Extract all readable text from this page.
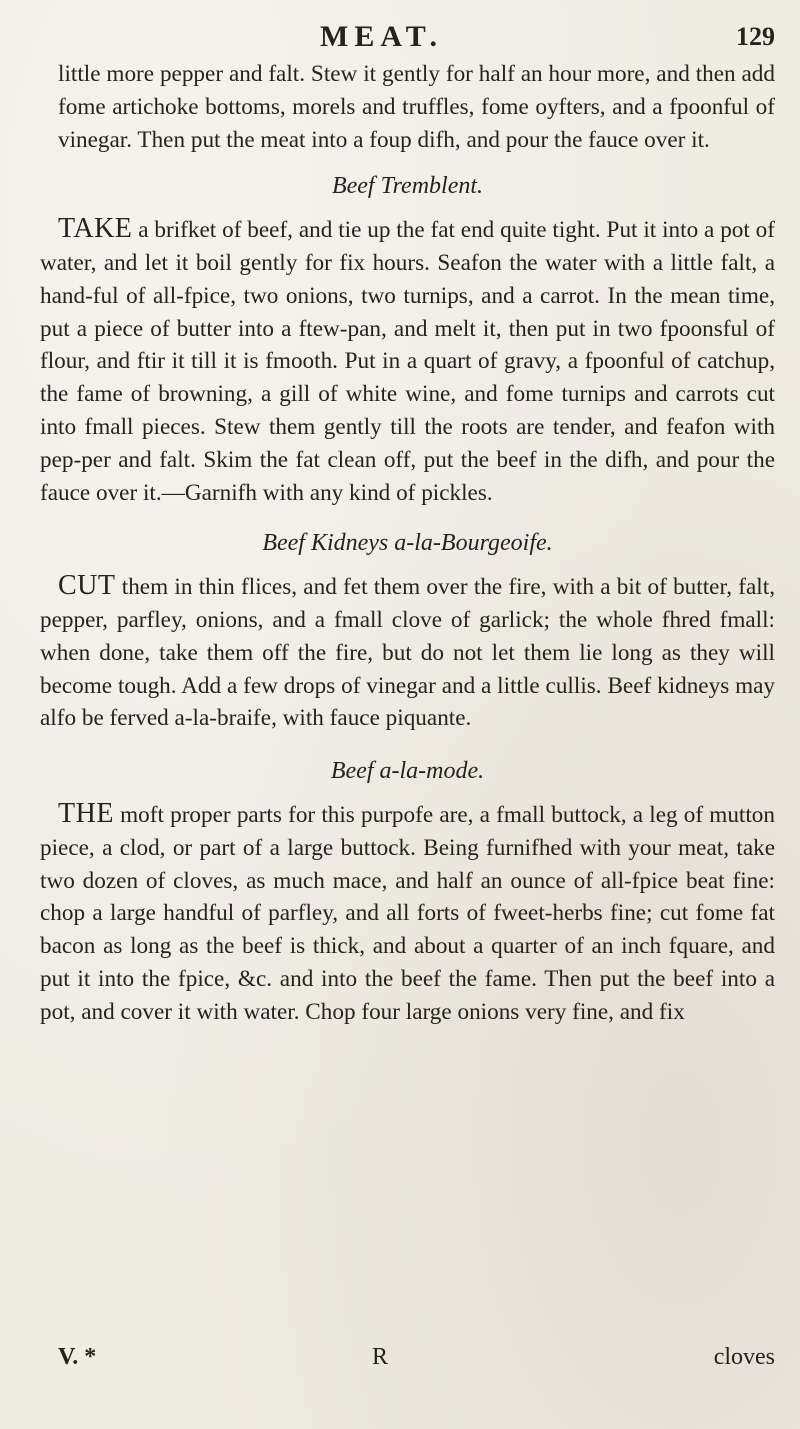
MEAT.	129

little more pepper and falt. Stew it gently for half an hour more, and then add fome artichoke bottoms, morels and truffles, fome oyfters, and a fpoonful of vinegar. Then put the meat into a foup difh, and pour the fauce over it.

Beef Tremblent.

TAKE a brifket of beef, and tie up the fat end quite tight. Put it into a pot of water, and let it boil gently for fix hours. Seafon the water with a little falt, a hand-ful of all-fpice, two onions, two turnips, and a carrot. In the mean time, put a piece of butter into a ftew-pan, and melt it, then put in two fpoonsful of flour, and ftir it till it is fmooth. Put in a quart of gravy, a fpoonful of catchup, the fame of browning, a gill of white wine, and fome turnips and carrots cut into fmall pieces. Stew them gently till the roots are tender, and feafon with pep-per and falt. Skim the fat clean off, put the beef in the difh, and pour the fauce over it.—Garnifh with any kind of pickles.

Beef Kidneys a-la-Bourgeoife.

CUT them in thin flices, and fet them over the fire, with a bit of butter, falt, pepper, parfley, onions, and a fmall clove of garlick; the whole fhred fmall: when done, take them off the fire, but do not let them lie long as they will become tough. Add a few drops of vinegar and a little cullis. Beef kidneys may alfo be ferved a-la-braife, with fauce piquante.

Beef a-la-mode.

THE moft proper parts for this purpofe are, a fmall buttock, a leg of mutton piece, a clod, or part of a large buttock. Being furnifhed with your meat, take two dozen of cloves, as much mace, and half an ounce of all-fpice beat fine: chop a large handful of parfley, and all forts of fweet-herbs fine; cut fome fat bacon as long as the beef is thick, and about a quarter of an inch fquare, and put it into the fpice, &c. and into the beef the fame. Then put the beef into a pot, and cover it with water. Chop four large onions very fine, and fix

V. *	R	cloves
